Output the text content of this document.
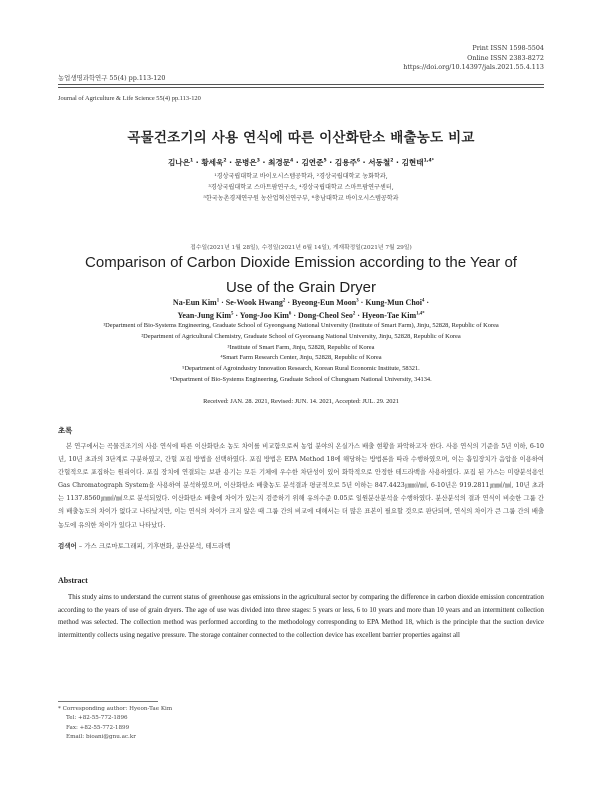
Print ISSN 1598-5504
Online ISSN 2383-8272
https://doi.org/10.14397/jals.2021.55.4.113
농업생명과학연구 55(4) pp.113-120
Journal of Agriculture & Life Science 55(4) pp.113-120
곡물건조기의 사용 연식에 따른 이산화탄소 배출농도 비교
김나은$^1$ · 황세욱$^2$ · 문병은$^3$ · 최경문$^4$ · 김연준$^5$ · 김용주$^6$ · 서동철$^2$ · 김현태$^{1,4*}$
¹경상국립대학교 바이오시스템공학과, ²경상국립대학교 농화학과,
³경상국립대학교 스마트팜연구소, ⁴경상국립대학교 스마트팜연구센터,
⁵한국농촌경제연구원 농산업혁신연구부, ⁶충남대학교 바이오시스템공학과
접수일(2021년 1월 28일), 수정일(2021년 6월 14일), 게재확정일(2021년 7월 29일)
Comparison of Carbon Dioxide Emission according to the Year of
Use of the Grain Dryer
Na-Eun Kim$^1$ · Se-Wook Hwang$^2$ · Byeong-Eun Moon$^3$ · Kung-Mun Choi$^4$ ·
Yean-Jung Kim$^5$ · Yong-Joo Kim$^6$ · Dong-Cheol Seo$^2$ · Hyeon-Tae Kim$^{1,4*}$
¹Department of Bio-Systems Engineering, Graduate School of Gyeongsang National University (Institute of Smart Farm), Jinju, 52828, Republic of Korea
²Department of Agricultural Chemistry, Graduate School of Gyeonsang National University, Jinju, 52828, Republic of Korea
³Institute of Smart Farm, Jinju, 52828, Republic of Korea
⁴Smart Farm Research Center, Jinju, 52828, Republic of Korea
⁵Department of Agroindustry Innovation Research, Korean Rural Economic Institute, 58321.
⁶Department of Bio-Systems Engineering, Graduate School of Chungnam National University, 34134.
Received: JAN. 28. 2021, Revised: JUN. 14. 2021, Accepted: JUL. 29. 2021
초록
본 연구에서는 곡물건조기의 사용 연식에 따른 이산화탄소 농도 차이를 비교함으로써 농업 분야의 온실가스 배출 현황을 파악하고자 한다. 사용 연식의 기준을 5년 이하, 6-10년, 10년 초과의 3단계로 구분하였고, 간헐 포집 방법을 선택하였다. 포집 방법은 EPA Method 18에 해당하는 방법론을 따라 수행하였으며, 이는 흡입장치가 음압을 이용하여 간헐적으로 포집하는 원리이다. 포집 장치에 연결되는 보관 용기는 모든 기체에 우수한 차단성이 있어 화학적으로 안정한 테드라백을 사용하였다. 포집 된 가스는 미량분석용인 Gas Chromatograph System을 사용하여 분석하였으며, 이산화탄소 배출농도 분석결과 평균적으로 5년 이하는 847.4423㎛㏖/㏖, 6-10년은 919.2811㎛㏖/㏖, 10년 초과는 1137.8560㎛㏖/㏖으로 분석되었다. 이산화탄소 배출에 차이가 있는지 검증하기 위해 유의수준 0.05로 일원분산분석을 수행하였다. 분산분석의 결과 연식이 비슷한 그룹 간의 배출농도의 차이가 없다고 나타났지만, 이는 연식의 차이가 크지 않은 때 그룹 간의 비교에 대해서는 더 많은 표본이 필요할 것으로 판단되며, 연식의 차이가 큰 그룹 간의 배출농도에 유의한 차이가 있다고 나타났다.
검색어 – 가스 크로마토그래피, 기후변화, 분산분석, 테드라백
Abstract
This study aims to understand the current status of greenhouse gas emissions in the agricultural sector by comparing the difference in carbon dioxide emission concentration according to the years of use of grain dryers. The age of use was divided into three stages: 5 years or less, 6 to 10 years and more than 10 years and an intermittent collection method was selected. The collection method was performed according to the methodology corresponding to EPA Method 18, which is the principle that the suction device intermittently collects using negative pressure. The storage container connected to the collection device has excellent barrier properties against all
* Corresponding author: Hyeon-Tae Kim
Tel: +82-55-772-1896
Fax: +82-55-772-1899
Email: bioani@gnu.ac.kr
